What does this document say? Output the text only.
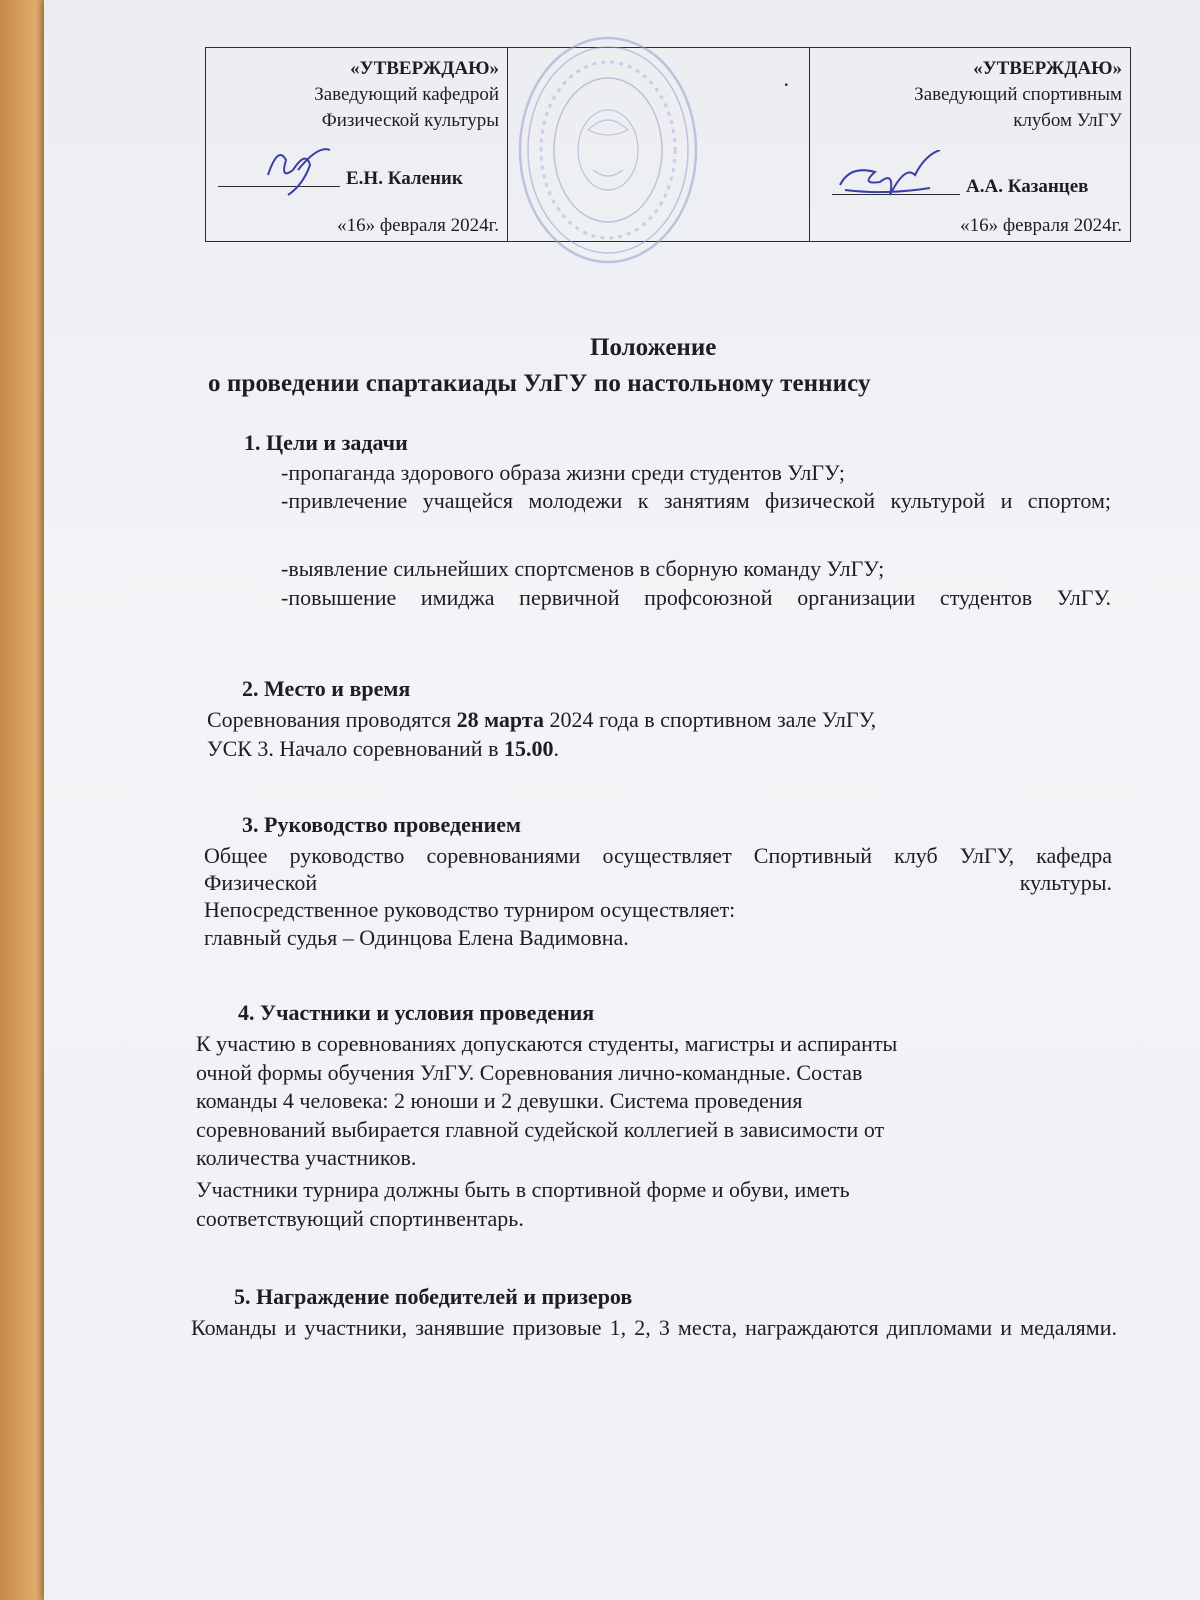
«УТВЕРЖДАЮ»
Заведующий кафедрой
Физической культуры
Е.Н. Каленик
«16» февраля 2024г.
.	«УТВЕРЖДАЮ»
Заведующий спортивным
клубом УлГУ
А.А. Казанцев
«16» февраля 2024г.
Положение
о проведении спартакиады УлГУ по настольному теннису
1. Цели и задачи
-пропаганда здорового образа жизни среди студентов УлГУ;
-привлечение учащейся молодежи к занятиям физической культурой и спортом;
-выявление сильнейших спортсменов в сборную команду УлГУ;
-повышение имиджа первичной профсоюзной организации студентов УлГУ.
2. Место и время
Соревнования проводятся 28 марта 2024 года в спортивном зале УлГУ,
УСК 3. Начало соревнований в 15.00.
3. Руководство проведением
Общее руководство соревнованиями осуществляет Спортивный клуб УлГУ, кафедра Физической культуры.
Непосредственное руководство турниром осуществляет:
главный судья – Одинцова Елена Вадимовна.
4. Участники и условия проведения
К участию в соревнованиях допускаются студенты, магистры и аспиранты
очной формы обучения УлГУ. Соревнования лично-командные. Состав
команды 4 человека: 2 юноши и 2 девушки. Система проведения
соревнований выбирается главной судейской коллегией в зависимости от
количества участников.
Участники турнира должны быть в спортивной форме и обуви, иметь
соответствующий спортинвентарь.
5. Награждение победителей и призеров
Команды и участники, занявшие призовые 1, 2, 3 места, награждаются дипломами и медалями.
